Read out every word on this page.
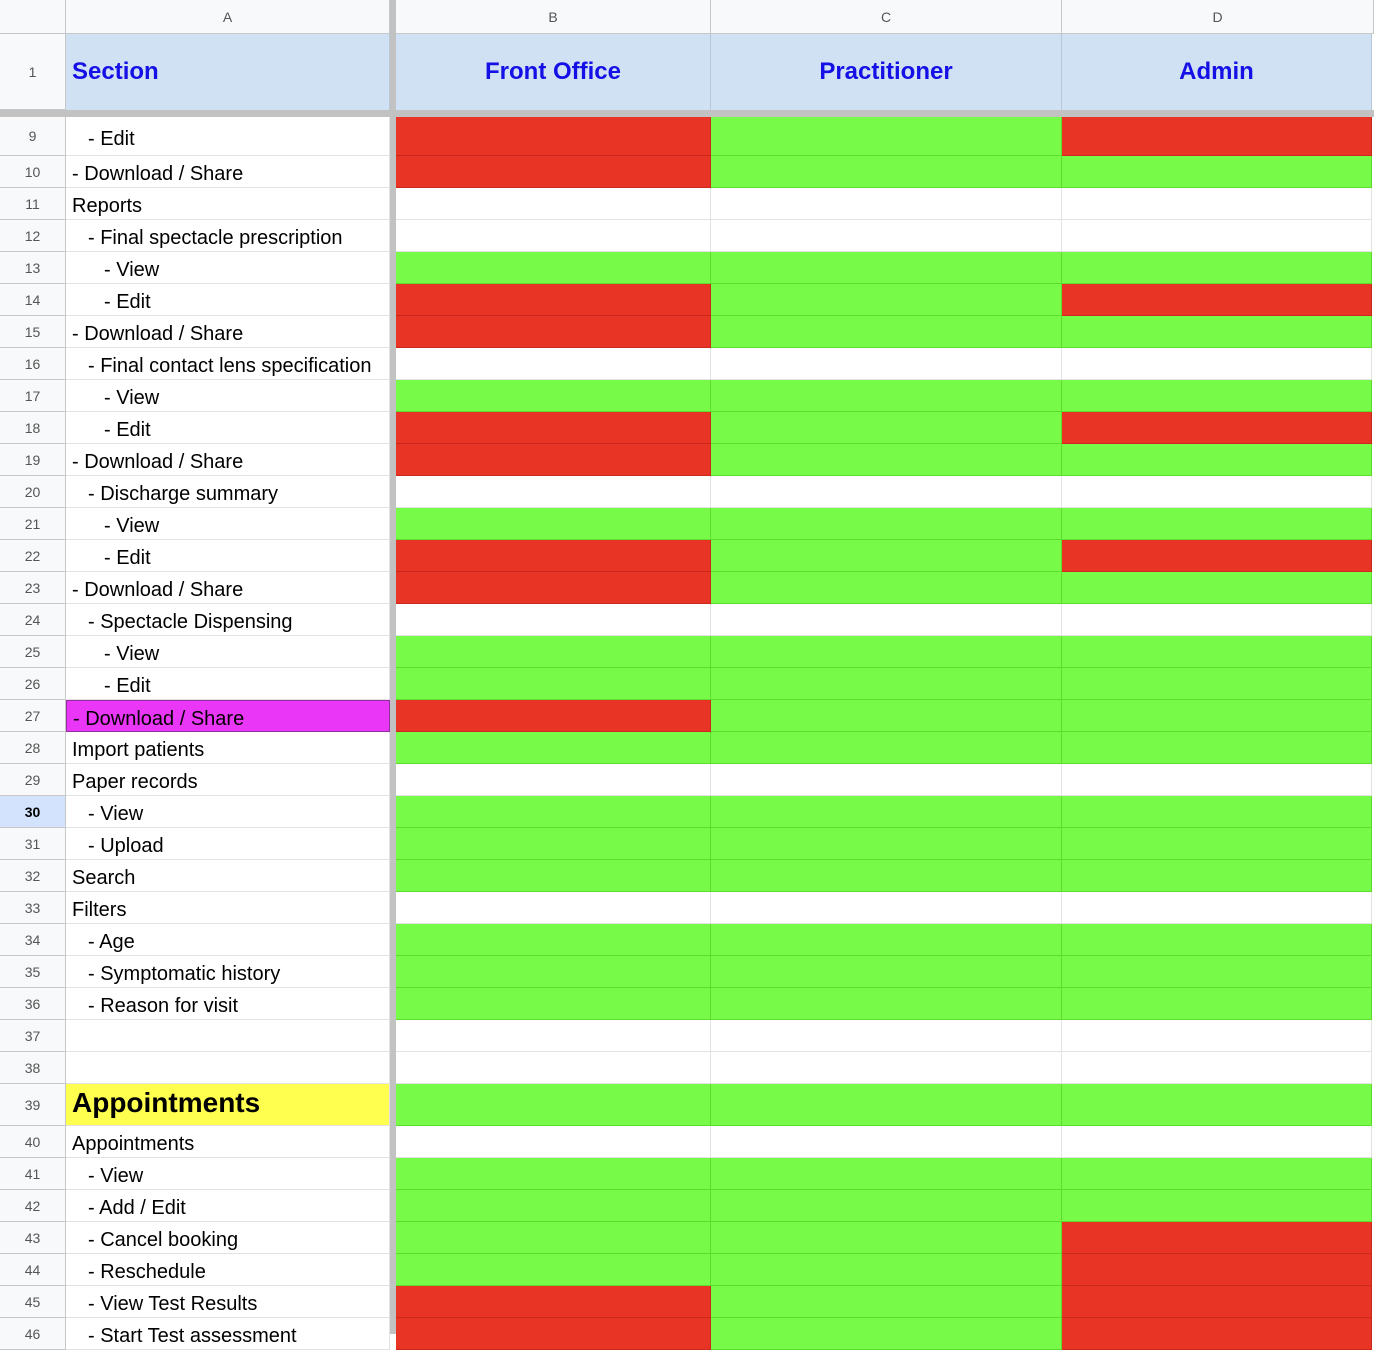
A	B	C	D
1	Section	Front Office	Practitioner	Admin
9	- Edit
10	- Download / Share
11	Reports
12	- Final spectacle prescription
13	- View
14	- Edit
15	- Download / Share
16	- Final contact lens specification
17	- View
18	- Edit
19	- Download / Share
20	- Discharge summary
21	- View
22	- Edit
23	- Download / Share
24	- Spectacle Dispensing
25	- View
26	- Edit
27	- Download / Share
28	Import patients
29	Paper records
30	- View
31	- Upload
32	Search
33	Filters
34	- Age
35	- Symptomatic history
36	- Reason for visit
37
38
39	Appointments
40	Appointments
41	- View
42	- Add / Edit
43	- Cancel booking
44	- Reschedule
45	- View Test Results
46	- Start Test assessment
